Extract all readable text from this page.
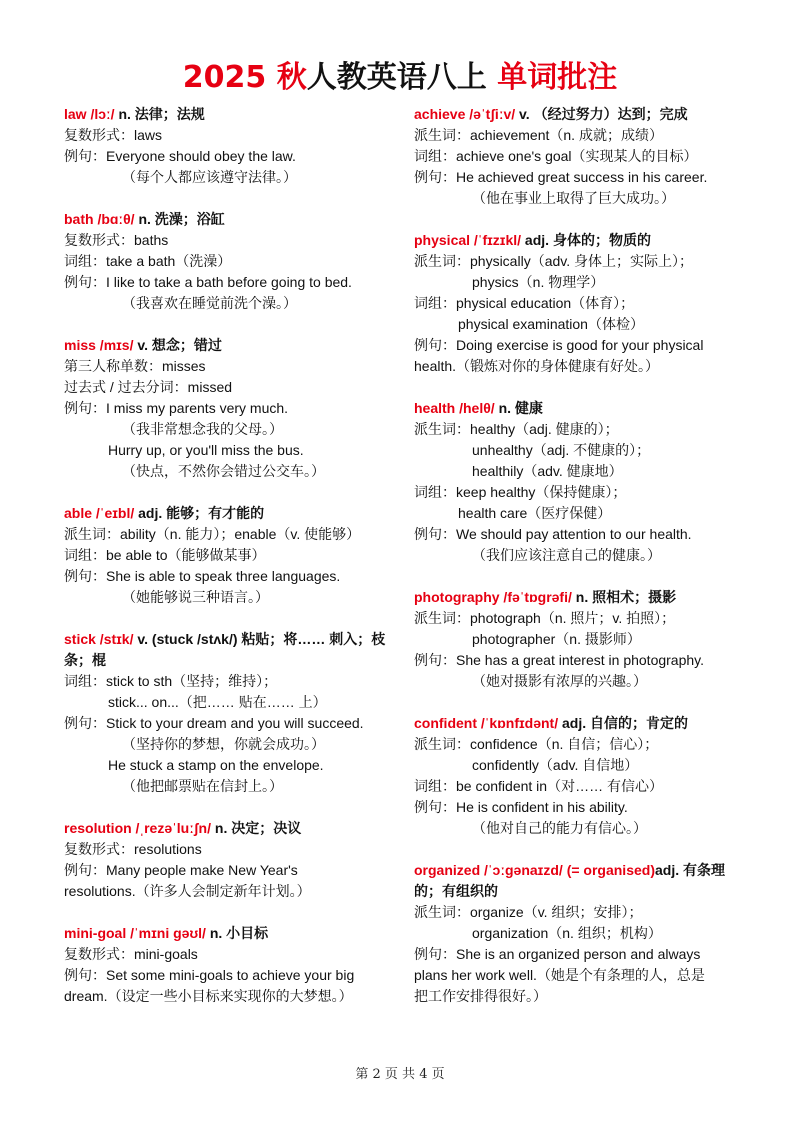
2025 秋人教英语八上 单词批注
law /lɔː/ n. 法律；法规
复数形式：laws
例句：Everyone should obey the law.
（每个人都应该遵守法律。）
bath /bɑːθ/ n. 洗澡；浴缸
复数形式：baths
词组：take a bath（洗澡）
例句：I like to take a bath before going to bed.
（我喜欢在睡觉前洗个澡。）
miss /mɪs/ v. 想念；错过
第三人称单数：misses
过去式 / 过去分词：missed
例句：I miss my parents very much.
（我非常想念我的父母。）
Hurry up, or you'll miss the bus.
（快点，不然你会错过公交车。）
able /ˈeɪbl/ adj. 能够；有才能的
派生词：ability（n. 能力）；enable（v. 使能够）
词组：be able to（能够做某事）
例句：She is able to speak three languages.
（她能够说三种语言。）
stick /stɪk/ v. (stuck /stʌk/) 粘贴；将…… 刺入；枝条；棍
词组：stick to sth（坚持；维持）；
stick... on...（把…… 贴在…… 上）
例句：Stick to your dream and you will succeed.
（坚持你的梦想，你就会成功。）
He stuck a stamp on the envelope.
（他把邮票贴在信封上。）
resolution /ˌrezəˈluːʃn/ n. 决定；决议
复数形式：resolutions
例句：Many people make New Year's
resolutions.（许多人会制定新年计划。）
mini-goal /ˈmɪni ɡəʊl/ n. 小目标
复数形式：mini-goals
例句：Set some mini-goals to achieve your big
dream.（设定一些小目标来实现你的大梦想。）
achieve /əˈtʃiːv/ v. （经过努力）达到；完成
派生词：achievement（n. 成就；成绩）
词组：achieve one's goal（实现某人的目标）
例句：He achieved great success in his career.
（他在事业上取得了巨大成功。）
physical /ˈfɪzɪkl/ adj. 身体的；物质的
派生词：physically（adv. 身体上；实际上）；
physics（n. 物理学）
词组：physical education（体育）；
physical examination（体检）
例句：Doing exercise is good for your physical
health.（锻炼对你的身体健康有好处。）
health /helθ/ n. 健康
派生词：healthy（adj. 健康的）；
unhealthy（adj. 不健康的）；
healthily（adv. 健康地）
词组：keep healthy（保持健康）；
health care（医疗保健）
例句：We should pay attention to our health.
（我们应该注意自己的健康。）
photography /fəˈtɒɡrəfi/ n. 照相术；摄影
派生词：photograph（n. 照片；v. 拍照）；
photographer（n. 摄影师）
例句：She has a great interest in photography.
（她对摄影有浓厚的兴趣。）
confident /ˈkɒnfɪdənt/ adj. 自信的；肯定的
派生词：confidence（n. 自信；信心）；
confidently（adv. 自信地）
词组：be confident in（对…… 有信心）
例句：He is confident in his ability.
（他对自己的能力有信心。）
organized /ˈɔːɡənaɪzd/ (= organised)adj. 有条理的；有组织的
派生词：organize（v. 组织；安排）；
organization（n. 组织；机构）
例句：She is an organized person and always
plans her work well.（她是个有条理的人，总是
把工作安排得很好。）
第 2 页 共 4 页
